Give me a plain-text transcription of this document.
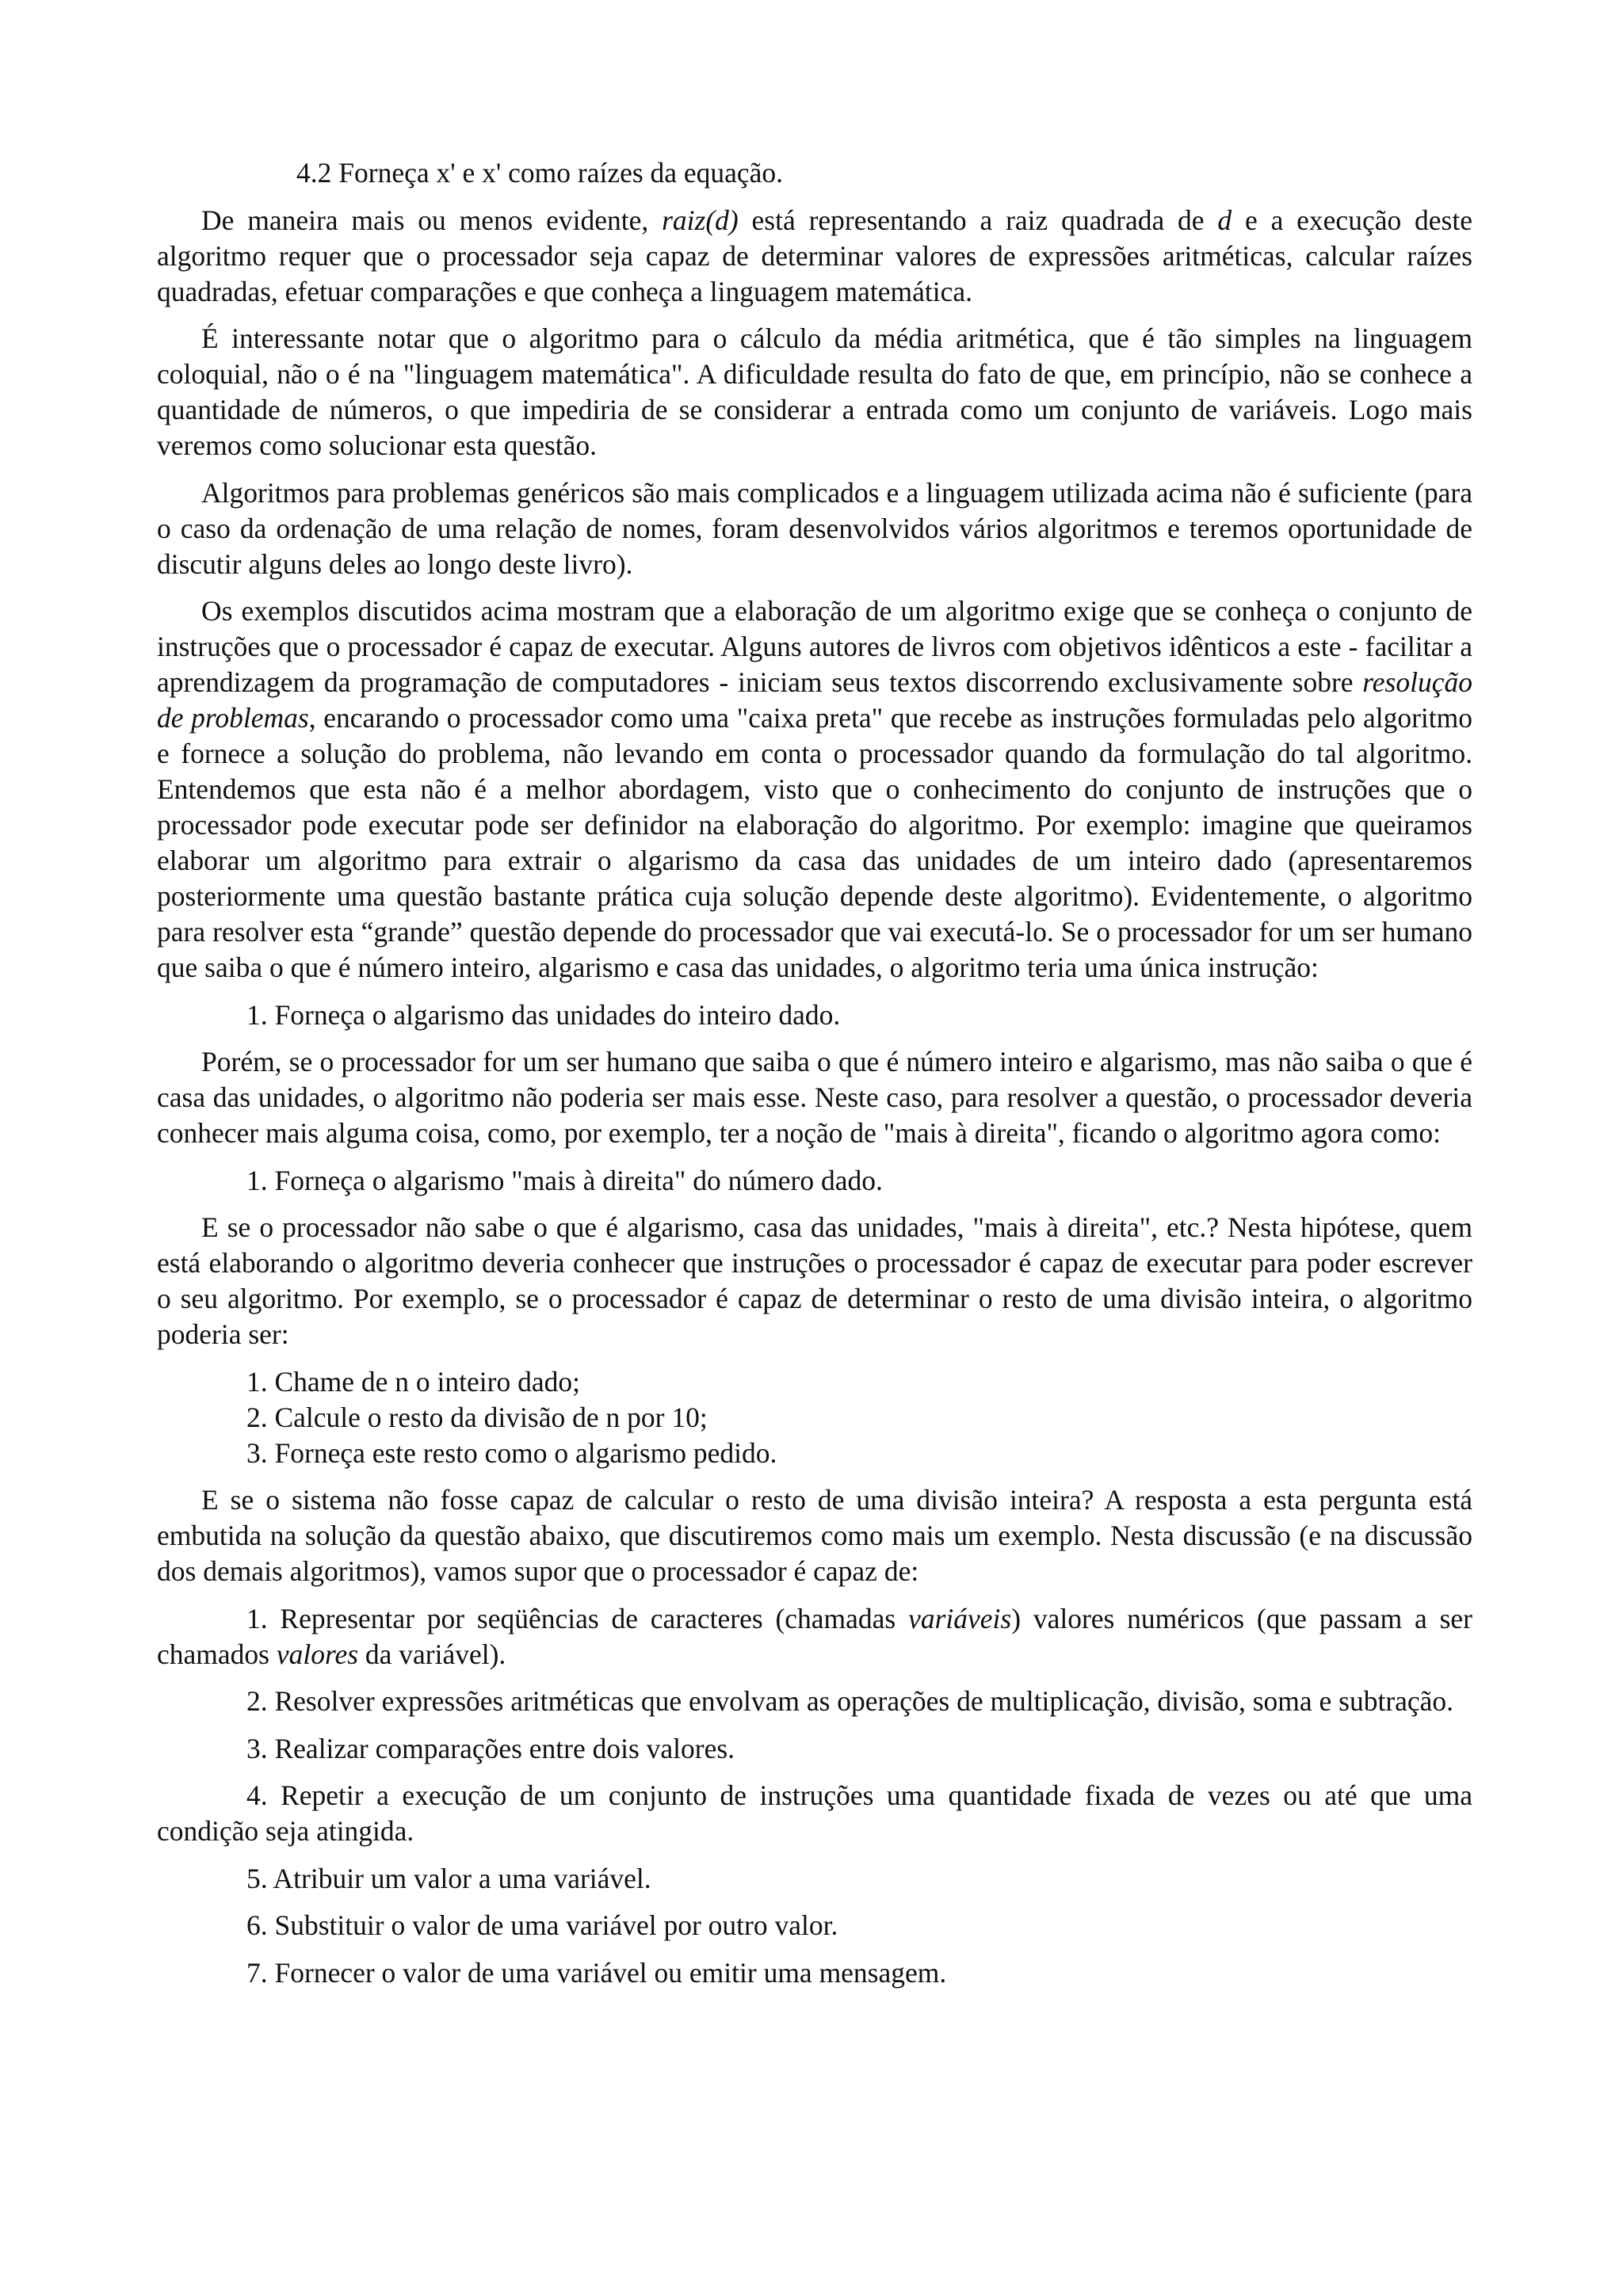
4.2 Forneça x' e x' como raízes da equação.

De maneira mais ou menos evidente, raiz(d) está representando a raiz quadrada de d e a execução deste algoritmo requer que o processador seja capaz de determinar valores de expressões aritméticas, calcular raízes quadradas, efetuar comparações e que conheça a linguagem matemática.

É interessante notar que o algoritmo para o cálculo da média aritmética, que é tão simples na linguagem coloquial, não o é na "linguagem matemática". A dificuldade resulta do fato de que, em princípio, não se conhece a quantidade de números, o que impediria de se considerar a entrada como um conjunto de variáveis. Logo mais veremos como solucionar esta questão.

Algoritmos para problemas genéricos são mais complicados e a linguagem utilizada acima não é suficiente (para o caso da ordenação de uma relação de nomes, foram desenvolvidos vários algoritmos e teremos oportunidade de discutir alguns deles ao longo deste livro).

Os exemplos discutidos acima mostram que a elaboração de um algoritmo exige que se conheça o conjunto de instruções que o processador é capaz de executar. Alguns autores de livros com objetivos idênticos a este - facilitar a aprendizagem da programação de computadores - iniciam seus textos discorrendo exclusivamente sobre resolução de problemas, encarando o processador como uma "caixa preta" que recebe as instruções formuladas pelo algoritmo e fornece a solução do problema, não levando em conta o processador quando da formulação do tal algoritmo. Entendemos que esta não é a melhor abordagem, visto que o conhecimento do conjunto de instruções que o processador pode executar pode ser definidor na elaboração do algoritmo. Por exemplo: imagine que queiramos elaborar um algoritmo para extrair o algarismo da casa das unidades de um inteiro dado (apresentaremos posteriormente uma questão bastante prática cuja solução depende deste algoritmo). Evidentemente, o algoritmo para resolver esta “grande” questão depende do processador que vai executá-lo. Se o processador for um ser humano que saiba o que é número inteiro, algarismo e casa das unidades, o algoritmo teria uma única instrução:

1. Forneça o algarismo das unidades do inteiro dado.

Porém, se o processador for um ser humano que saiba o que é número inteiro e algarismo, mas não saiba o que é casa das unidades, o algoritmo não poderia ser mais esse. Neste caso, para resolver a questão, o processador deveria conhecer mais alguma coisa, como, por exemplo, ter a noção de "mais à direita", ficando o algoritmo agora como:

1. Forneça o algarismo "mais à direita" do número dado.

E se o processador não sabe o que é algarismo, casa das unidades, "mais à direita", etc.? Nesta hipótese, quem está elaborando o algoritmo deveria conhecer que instruções o processador é capaz de executar para poder escrever o seu algoritmo. Por exemplo, se o processador é capaz de determinar o resto de uma divisão inteira, o algoritmo poderia ser:

1. Chame de n o inteiro dado;
2. Calcule o resto da divisão de n por 10;
3. Forneça este resto como o algarismo pedido.

E se o sistema não fosse capaz de calcular o resto de uma divisão inteira? A resposta a esta pergunta está embutida na solução da questão abaixo, que discutiremos como mais um exemplo. Nesta discussão (e na discussão dos demais algoritmos), vamos supor que o processador é capaz de:

1. Representar por seqüências de caracteres (chamadas variáveis) valores numéricos (que passam a ser chamados valores da variável).

2. Resolver expressões aritméticas que envolvam as operações de multiplicação, divisão, soma e subtração.

3. Realizar comparações entre dois valores.

4. Repetir a execução de um conjunto de instruções uma quantidade fixada de vezes ou até que uma condição seja atingida.

5. Atribuir um valor a uma variável.

6. Substituir o valor de uma variável por outro valor.

7. Fornecer o valor de uma variável ou emitir uma mensagem.
